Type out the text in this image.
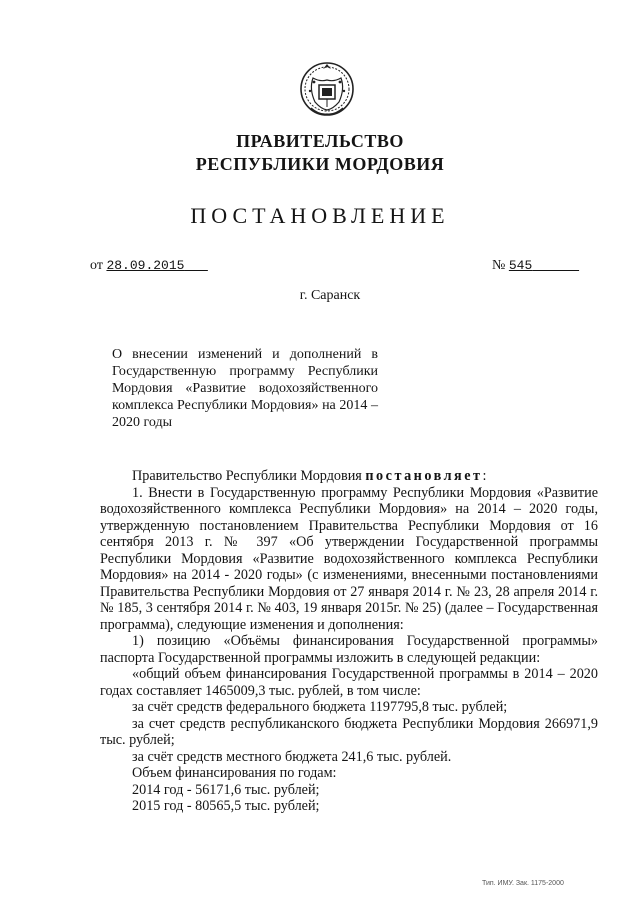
ПРАВИТЕЛЬСТВО
РЕСПУБЛИКИ МОРДОВИЯ
ПОСТАНОВЛЕНИЕ
от 28.09.2015	№ 545
г. Саранск
О внесении изменений и дополнений в Государственную программу Республики Мордовия «Развитие водохозяйственного комплекса Республики Мордовия» на 2014 – 2020 годы

Правительство Республики Мордовия постановляет:

1. Внести в Государственную программу Республики Мордовия «Развитие водохозяйственного комплекса Республики Мордовия» на 2014 – 2020 годы, утвержденную постановлением Правительства Республики Мордовия от 16 сентября 2013 г. № 397 «Об утверждении Государственной программы Республики Мордовия «Развитие водохозяйственного комплекса Республики Мордовия» на 2014 - 2020 годы» (с изменениями, внесенными постановлениями Правительства Республики Мордовия от 27 января 2014 г. № 23, 28 апреля 2014 г. № 185, 3 сентября 2014 г. № 403, 19 января 2015г. № 25) (далее – Государственная программа), следующие изменения и дополнения:

1) позицию «Объёмы финансирования Государственной программы» паспорта Государственной программы изложить в следующей редакции:

«общий объем финансирования Государственной программы в 2014 – 2020 годах составляет 1465009,3 тыс. рублей, в том числе:

за счёт средств федерального бюджета 1197795,8 тыс. рублей;

за счет средств республиканского бюджета Республики Мордовия 266971,9 тыс. рублей;

за счёт средств местного бюджета 241,6 тыс. рублей.

Объем финансирования по годам:

2014 год - 56171,6 тыс. рублей;

2015 год - 80565,5 тыс. рублей;

Тип. ИМУ. Зак. 1175-2000
